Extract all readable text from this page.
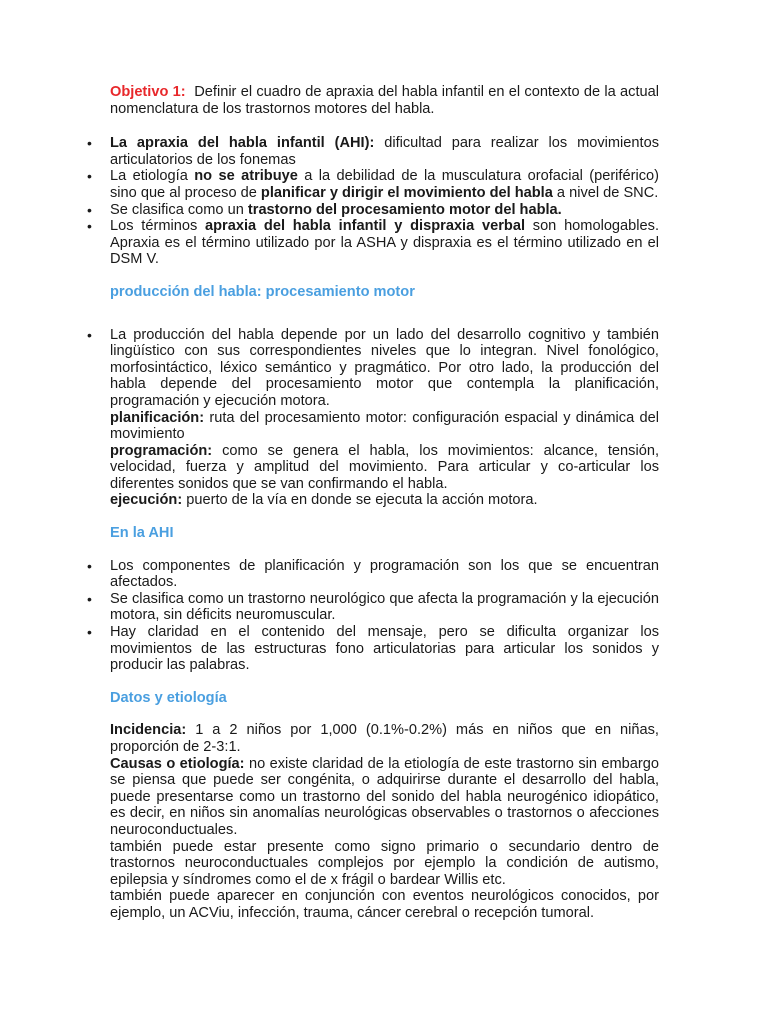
Objetivo 1: Definir el cuadro de apraxia del habla infantil en el contexto de la actual nomenclatura de los trastornos motores del habla.

• La apraxia del habla infantil (AHI): dificultad para realizar los movimientos articulatorios de los fonemas
• La etiología no se atribuye a la debilidad de la musculatura orofacial (periférico) sino que al proceso de planificar y dirigir el movimiento del habla a nivel de SNC.
• Se clasifica como un trastorno del procesamiento motor del habla.
• Los términos apraxia del habla infantil y dispraxia verbal son homologables. Apraxia es el término utilizado por la ASHA y dispraxia es el término utilizado en el DSM V.

producción del habla: procesamiento motor

• La producción del habla depende por un lado del desarrollo cognitivo y también lingüístico con sus correspondientes niveles que lo integran. Nivel fonológico, morfosintáctico, léxico semántico y pragmático. Por otro lado, la producción del habla depende del procesamiento motor que contempla la planificación, programación y ejecución motora.

planificación: ruta del procesamiento motor: configuración espacial y dinámica del movimiento

programación: como se genera el habla, los movimientos: alcance, tensión, velocidad, fuerza y amplitud del movimiento. Para articular y co-articular los diferentes sonidos que se van confirmando el habla.

ejecución: puerto de la vía en donde se ejecuta la acción motora.

En la AHI

• Los componentes de planificación y programación son los que se encuentran afectados.
• Se clasifica como un trastorno neurológico que afecta la programación y la ejecución motora, sin déficits neuromuscular.
• Hay claridad en el contenido del mensaje, pero se dificulta organizar los movimientos de las estructuras fono articulatorias para articular los sonidos y producir las palabras.

Datos y etiología

Incidencia: 1 a 2 niños por 1,000 (0.1%-0.2%) más en niños que en niñas, proporción de 2-3:1.

Causas o etiología: no existe claridad de la etiología de este trastorno sin embargo se piensa que puede ser congénita, o adquirirse durante el desarrollo del habla, puede presentarse como un trastorno del sonido del habla neurogénico idiopático, es decir, en niños sin anomalías neurológicas observables o trastornos o afecciones neuroconductuales.

también puede estar presente como signo primario o secundario dentro de trastornos neuroconductuales complejos por ejemplo la condición de autismo, epilepsia y síndromes como el de x frágil o bardear Willis etc.

también puede aparecer en conjunción con eventos neurológicos conocidos, por ejemplo, un ACViu, infección, trauma, cáncer cerebral o recepción tumoral.
